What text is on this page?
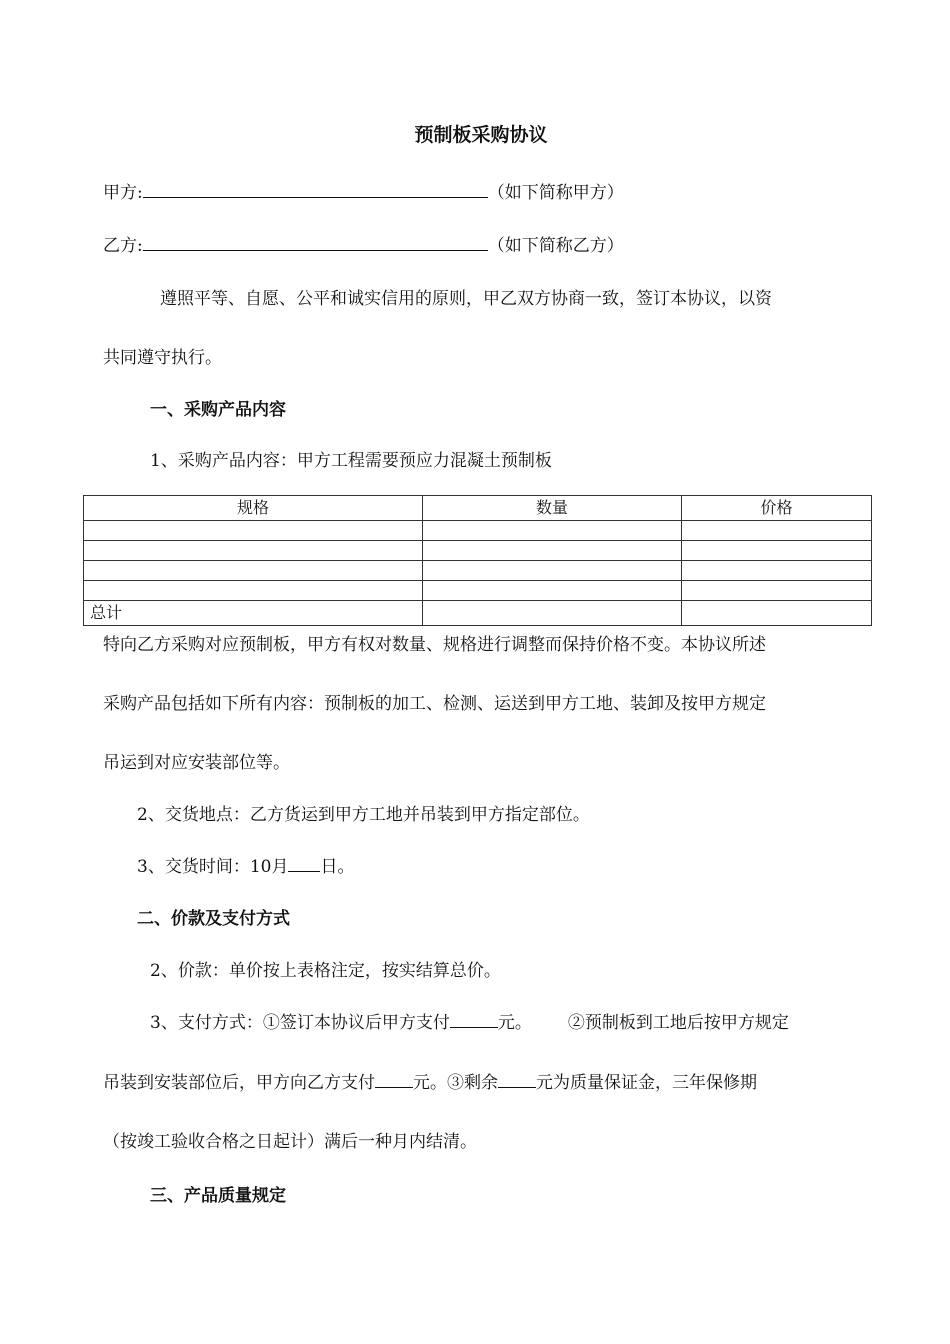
预制板采购协议
甲方:	（如下简称甲方）
乙方:	（如下简称乙方）
遵照平等、自愿、公平和诚实信用的原则，甲乙双方协商一致，签订本协议，以资
共同遵守执行。
一、采购产品内容
1、采购产品内容：甲方工程需要预应力混凝土预制板
规格	数量	价格

总计		
特向乙方采购对应预制板，甲方有权对数量、规格进行调整而保持价格不变。本协议所述
采购产品包括如下所有内容：预制板的加工、检测、运送到甲方工地、装卸及按甲方规定
吊运到对应安装部位等。
2、交货地点：乙方货运到甲方工地并吊装到甲方指定部位。
3、交货时间：10月 日。
二、价款及支付方式
2、价款：单价按上表格注定，按实结算总价。
3、支付方式：①签订本协议后甲方支付	元。 ②预制板到工地后按甲方规定
吊装到安装部位后，甲方向乙方支付 元。③剩余 元为质量保证金，三年保修期
（按竣工验收合格之日起计）满后一种月内结清。
三、产品质量规定
